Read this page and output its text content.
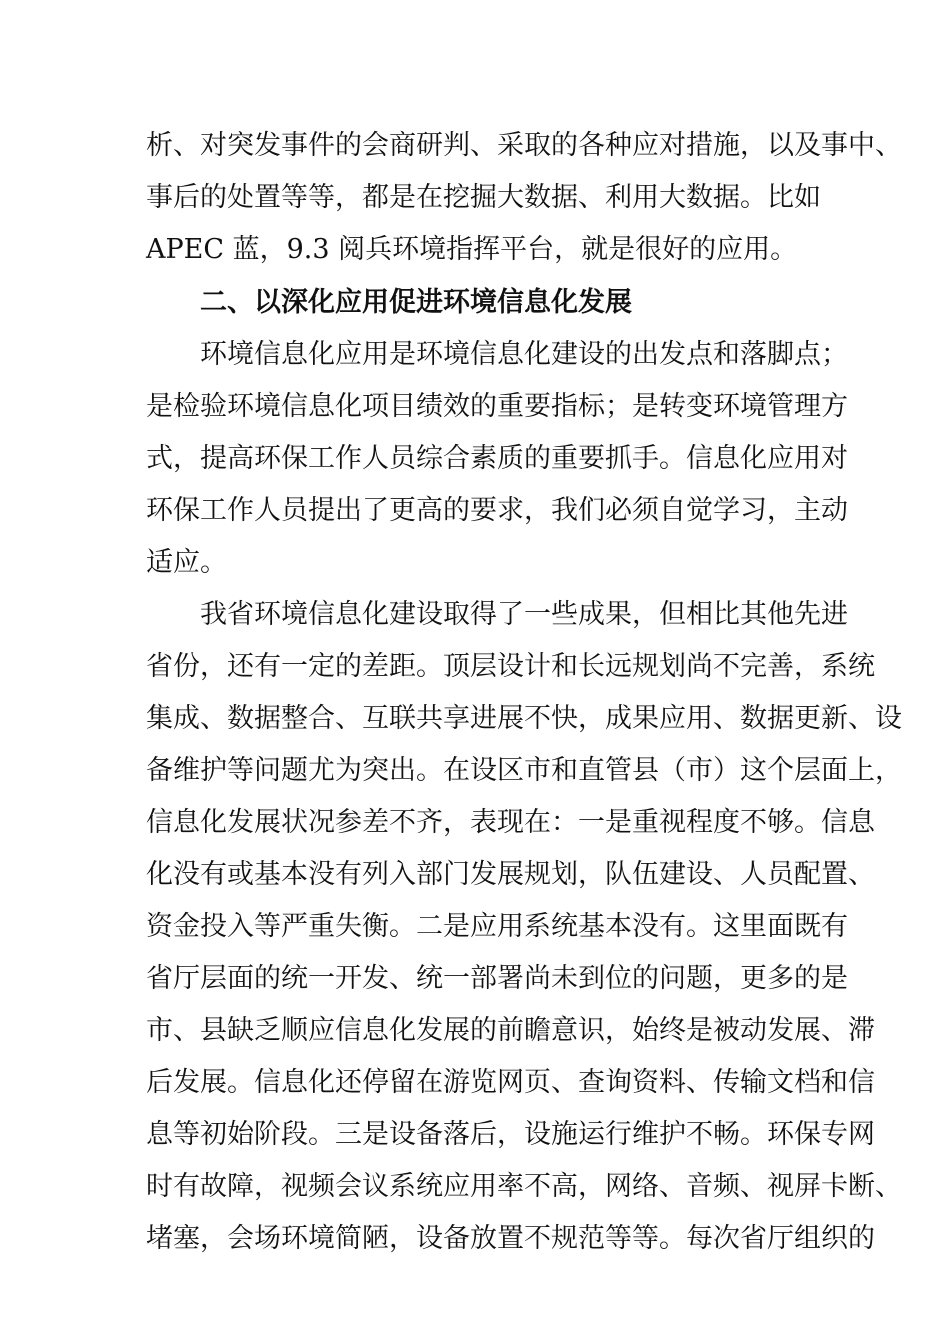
析、对突发事件的会商研判、采取的各种应对措施，以及事中、
事后的处置等等，都是在挖掘大数据、利用大数据。比如
APEC 蓝，9.3 阅兵环境指挥平台，就是很好的应用。
二、以深化应用促进环境信息化发展
环境信息化应用是环境信息化建设的出发点和落脚点；
是检验环境信息化项目绩效的重要指标；是转变环境管理方
式，提高环保工作人员综合素质的重要抓手。信息化应用对
环保工作人员提出了更高的要求，我们必须自觉学习，主动
适应。
我省环境信息化建设取得了一些成果，但相比其他先进
省份，还有一定的差距。顶层设计和长远规划尚不完善，系统
集成、数据整合、互联共享进展不快，成果应用、数据更新、设
备维护等问题尤为突出。在设区市和直管县（市）这个层面上，
信息化发展状况参差不齐，表现在：一是重视程度不够。信息
化没有或基本没有列入部门发展规划，队伍建设、人员配置、
资金投入等严重失衡。二是应用系统基本没有。这里面既有
省厅层面的统一开发、统一部署尚未到位的问题，更多的是
市、县缺乏顺应信息化发展的前瞻意识，始终是被动发展、滞
后发展。信息化还停留在游览网页、查询资料、传输文档和信
息等初始阶段。三是设备落后，设施运行维护不畅。环保专网
时有故障，视频会议系统应用率不高，网络、音频、视屏卡断、
堵塞，会场环境简陋，设备放置不规范等等。每次省厅组织的
